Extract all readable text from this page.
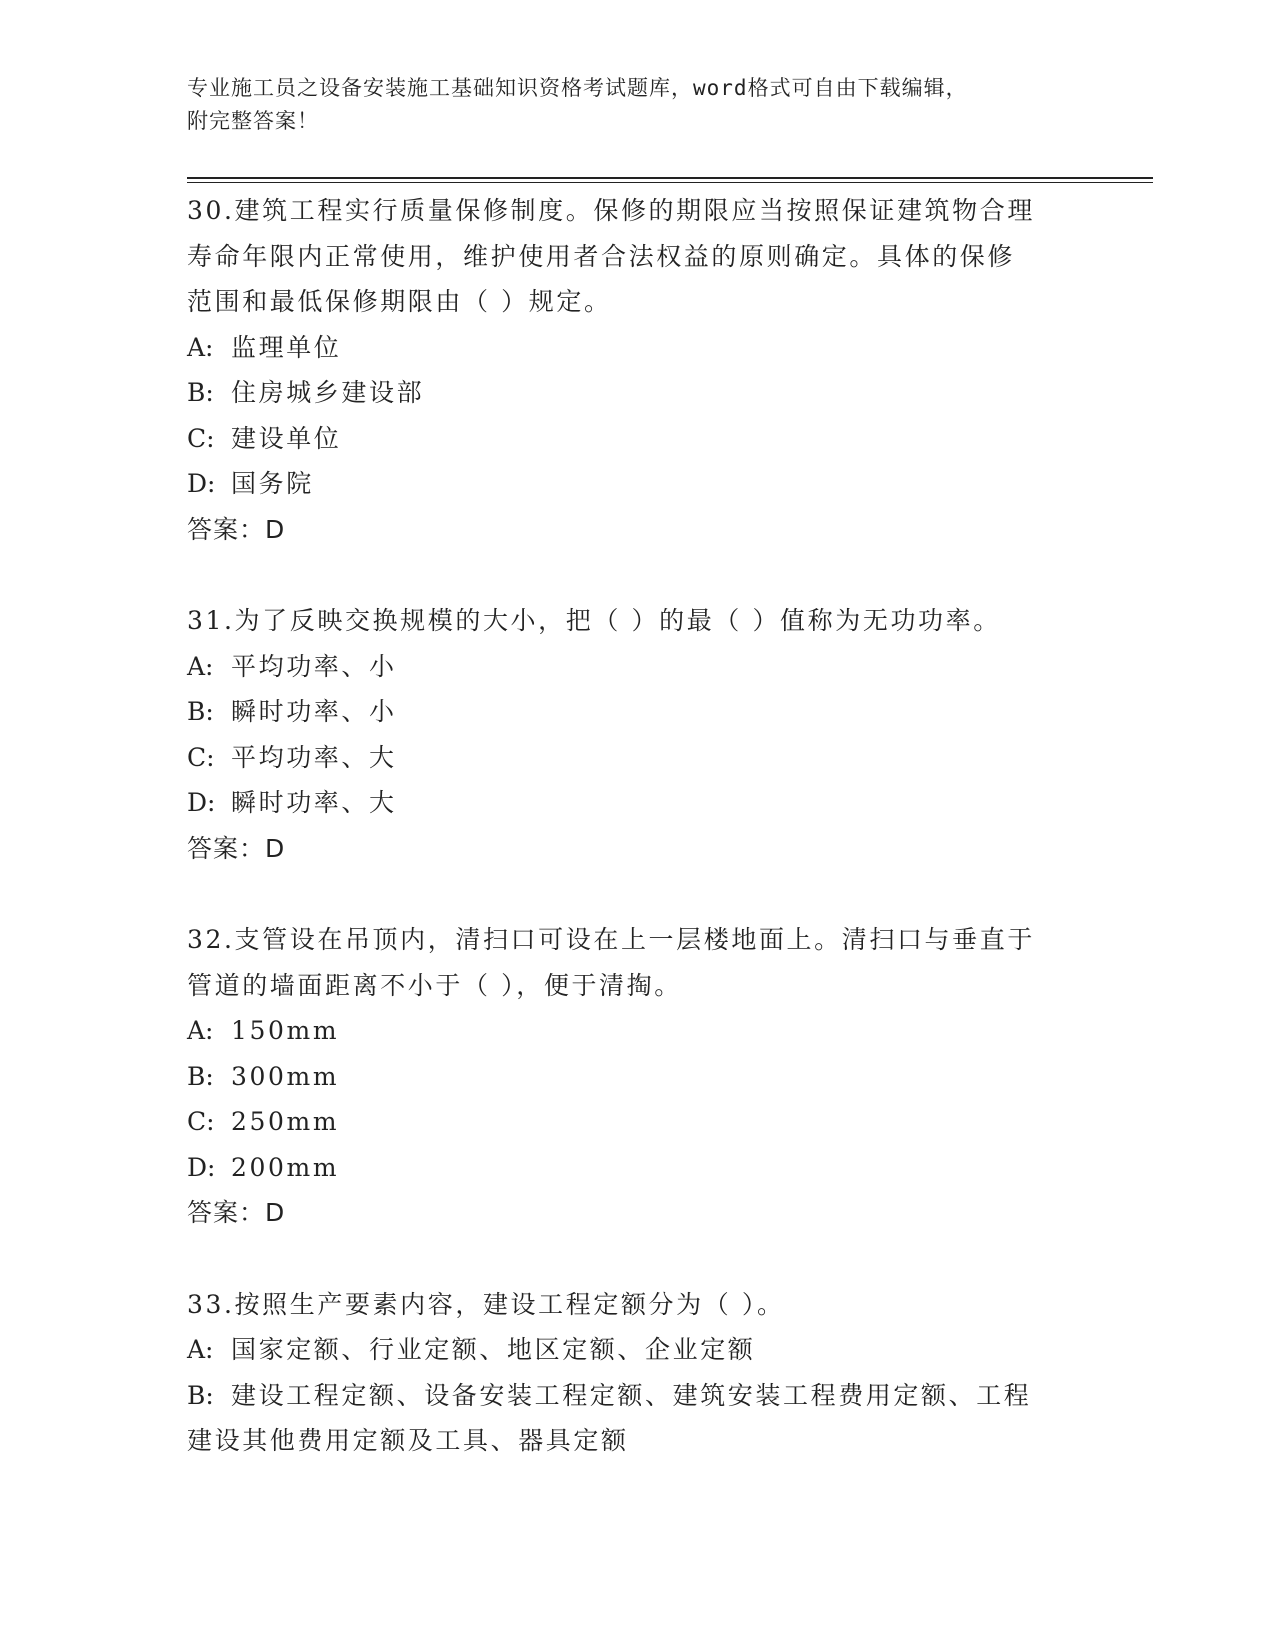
专业施工员之设备安装施工基础知识资格考试题库，word格式可自由下载编辑，
附完整答案！
30.建筑工程实行质量保修制度。保修的期限应当按照保证建筑物合理
寿命年限内正常使用，维护使用者合法权益的原则确定。具体的保修
范围和最低保修期限由（ ）规定。
A: 监理单位
B: 住房城乡建设部
C: 建设单位
D: 国务院
答案：D
31.为了反映交换规模的大小，把（ ）的最（ ）值称为无功功率。
A: 平均功率、小
B: 瞬时功率、小
C: 平均功率、大
D: 瞬时功率、大
答案：D
32.支管设在吊顶内，清扫口可设在上一层楼地面上。清扫口与垂直于
管道的墙面距离不小于（ ），便于清掏。
A: 150mm
B: 300mm
C: 250mm
D: 200mm
答案：D
33.按照生产要素内容，建设工程定额分为（ ）。
A: 国家定额、行业定额、地区定额、企业定额
B: 建设工程定额、设备安装工程定额、建筑安装工程费用定额、工程
建设其他费用定额及工具、器具定额
